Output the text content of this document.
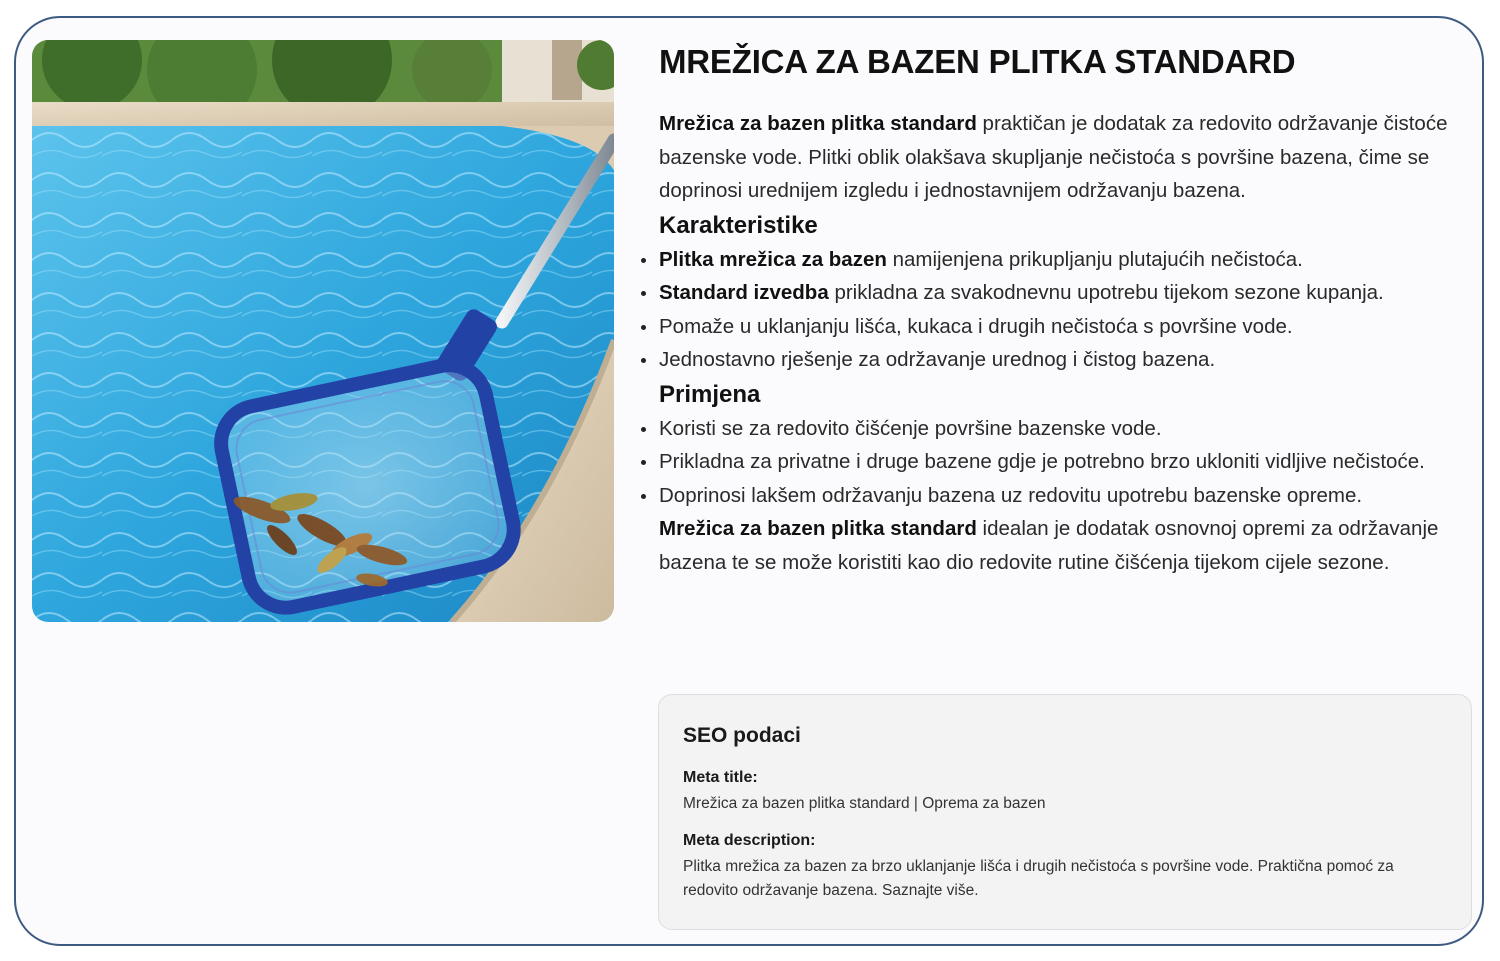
MREŽICA ZA BAZEN PLITKA STANDARD

Mrežica za bazen plitka standard praktičan je dodatak za redovito održavanje čistoće bazenske vode. Plitki oblik olakšava skupljanje nečistoća s površine bazena, čime se doprinosi urednijem izgledu i jednostavnijem održavanju bazena.

Karakteristike
Plitka mrežica za bazen namijenjena prikupljanju plutajućih nečistoća.
Standard izvedba prikladna za svakodnevnu upotrebu tijekom sezone kupanja.
Pomaže u uklanjanju lišća, kukaca i drugih nečistoća s površine vode.
Jednostavno rješenje za održavanje urednog i čistog bazena.
Primjena
Koristi se za redovito čišćenje površine bazenske vode.
Prikladna za privatne i druge bazene gdje je potrebno brzo ukloniti vidljive nečistoće.
Doprinosi lakšem održavanju bazena uz redovitu upotrebu bazenske opreme.

Mrežica za bazen plitka standard idealan je dodatak osnovnoj opremi za održavanje bazena te se može koristiti kao dio redovite rutine čišćenja tijekom cijele sezone.

SEO podaci
Meta title:
Mrežica za bazen plitka standard | Oprema za bazen
Meta description:
Plitka mrežica za bazen za brzo uklanjanje lišća i drugih nečistoća s površine vode. Praktična pomoć za redovito održavanje bazena. Saznajte više.
